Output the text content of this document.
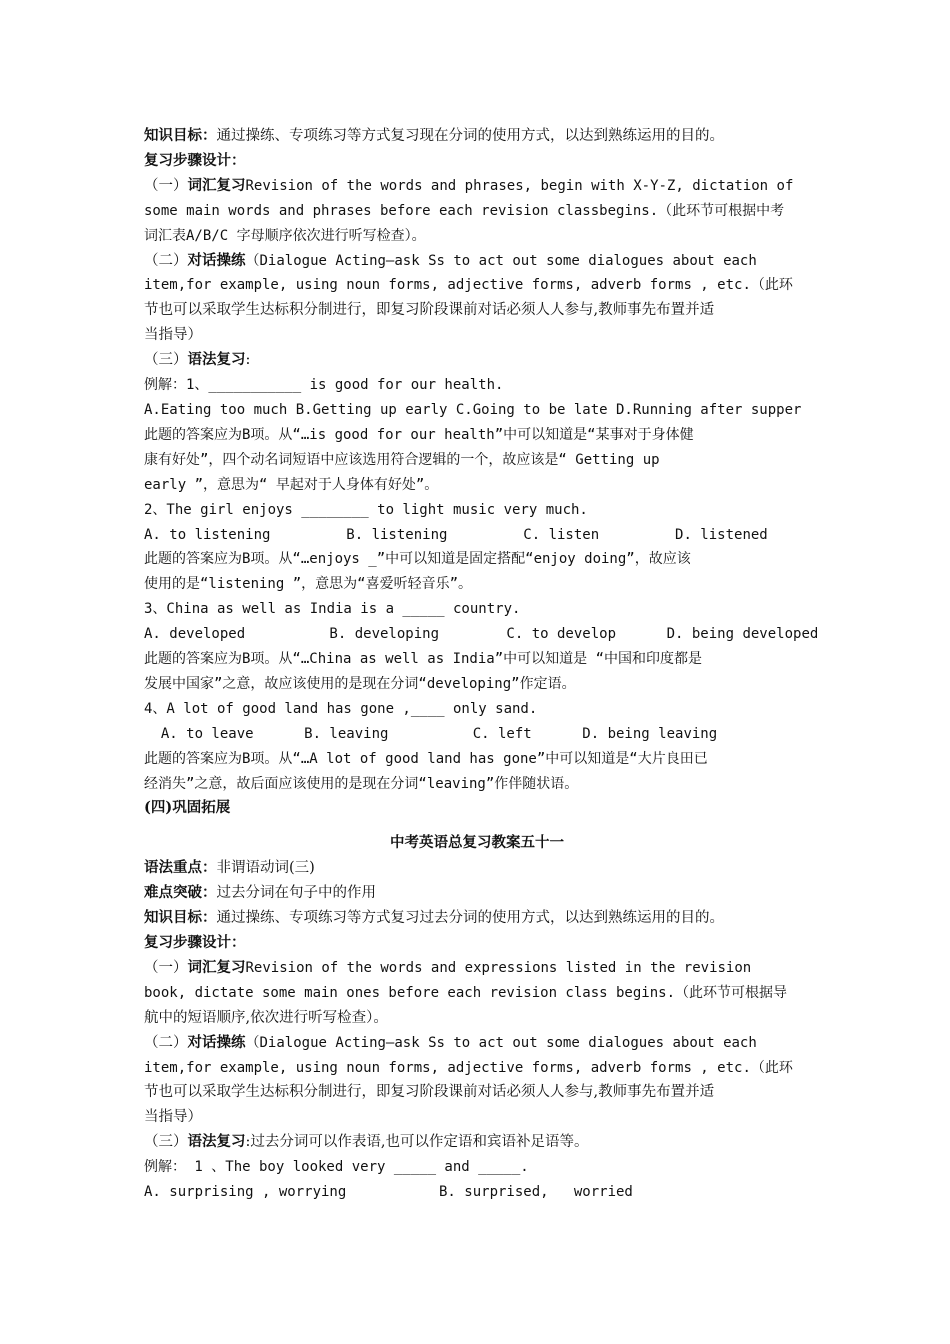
知识目标：通过操练、专项练习等方式复习现在分词的使用方式，以达到熟练运用的目的。
复习步骤设计：
（一）词汇复习Revision of the words and phrases, begin with X-Y-Z, dictation of
some main words and phrases before each revision classbegins.（此环节可根据中考
词汇表A/B/C 字母顺序依次进行听写检查）。
（二）对话操练（Dialogue Acting—ask Ss to act out some dialogues about each
item,for example, using noun forms, adjective forms, adverb forms , etc.（此环
节也可以采取学生达标积分制进行，即复习阶段课前对话必须人人参与,教师事先布置并适
当指导）
（三）语法复习:
例解：1、___________ is good for our health.
A.Eating too much B.Getting up early C.Going to be late D.Running after supper
此题的答案应为B项。从“…is good for our health”中可以知道是“某事对于身体健
康有好处”，四个动名词短语中应该选用符合逻辑的一个，故应该是“ Getting up
early ”，意思为“ 早起对于人身体有好处”。
2、The girl enjoys ________ to light music very much.
A. to listening         B. listening         C. listen         D. listened
此题的答案应为B项。从“…enjoys _”中可以知道是固定搭配“enjoy doing”，故应该
使用的是“listening ”，意思为“喜爱听轻音乐”。
3、China as well as India is a _____ country.
A. developed          B. developing        C. to develop      D. being developed
此题的答案应为B项。从“…China as well as India”中可以知道是 “中国和印度都是
发展中国家”之意，故应该使用的是现在分词“developing”作定语。
4、A lot of good land has gone ,____ only sand.
A. to leave      B. leaving          C. left      D. being leaving
此题的答案应为B项。从“…A lot of good land has gone”中可以知道是“大片良田已
经消失”之意，故后面应该使用的是现在分词“leaving”作伴随状语。
(四)巩固拓展
中考英语总复习教案五十一
语法重点：非谓语动词(三)
难点突破：过去分词在句子中的作用
知识目标：通过操练、专项练习等方式复习过去分词的使用方式，以达到熟练运用的目的。
复习步骤设计：
（一）词汇复习Revision of the words and expressions listed in the revision
book, dictate some main ones before each revision class begins.（此环节可根据导
航中的短语顺序,依次进行听写检查）。
（二）对话操练（Dialogue Acting—ask Ss to act out some dialogues about each
item,for example, using noun forms, adjective forms, adverb forms , etc.（此环
节也可以采取学生达标积分制进行，即复习阶段课前对话必须人人参与,教师事先布置并适
当指导）
（三）语法复习:过去分词可以作表语,也可以作定语和宾语补足语等。
例解： 1 、The boy looked very _____ and _____.
A. surprising , worrying           B. surprised,   worried
